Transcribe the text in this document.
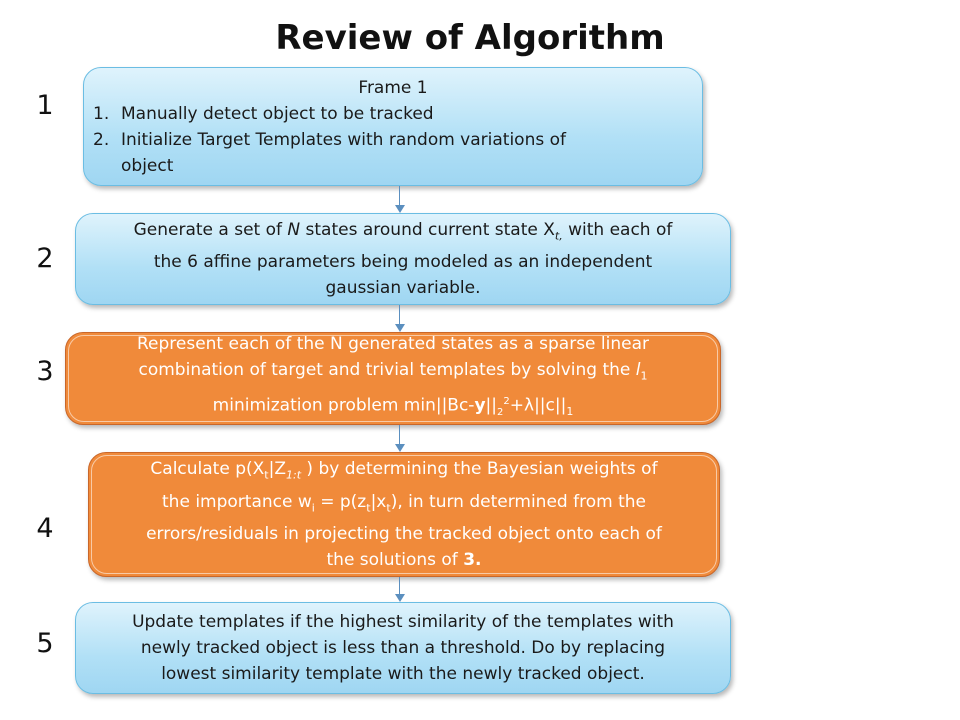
Review of Algorithm
1
2
3
4
5
Frame 1
1. Manually detect object to be tracked
2. Initialize Target Templates with random variations of
object
Generate a set of N states around current state $X_{t,}$ with each of
the 6 affine parameters being modeled as an independent
gaussian variable.
Represent each of the N generated states as a sparse linear
combination of target and trivial templates by solving the $l_1$
minimization problem $\min||Bc-y||_2^2+\lambda||c||_1$
Calculate $p(X_t|Z_{1:t}$ ) by determining the Bayesian weights of
the importance $w_i = p(z_t|x_t)$, in turn determined from the
errors/residuals in projecting the tracked object onto each of
the solutions of 3.
Update templates if the highest similarity of the templates with
newly tracked object is less than a threshold. Do by replacing
lowest similarity template with the newly tracked object.
